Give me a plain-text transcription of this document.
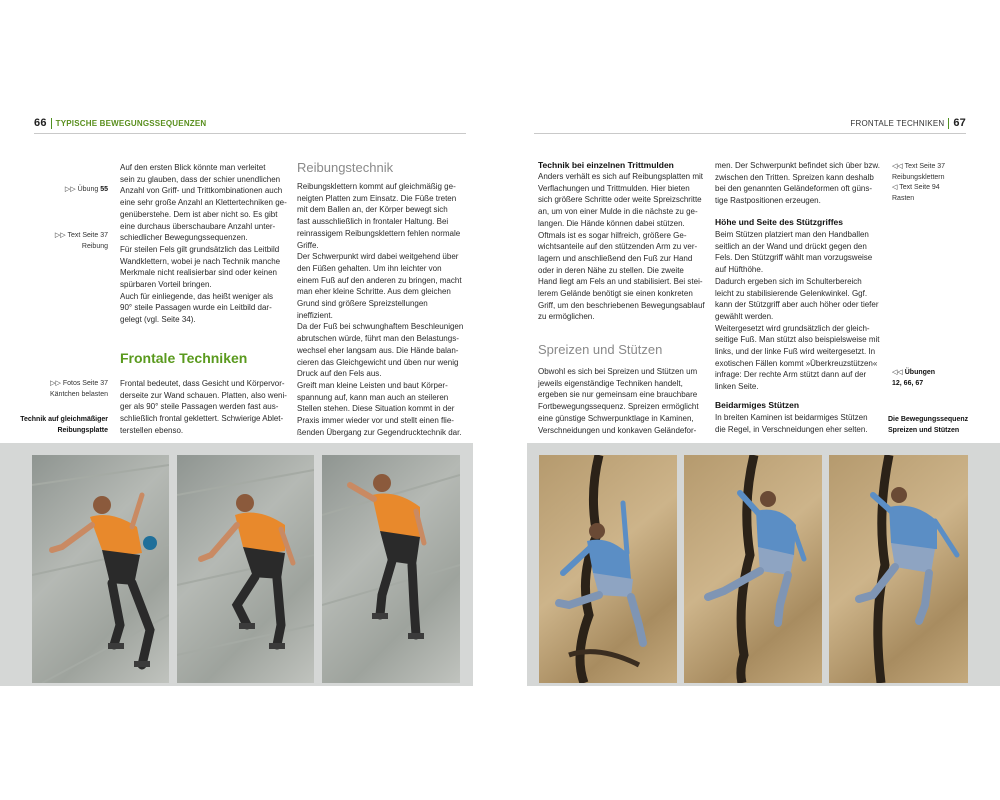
66 TYPISCHE BEWEGUNGSSEQUENZEN	FRONTALE TECHNIKEN 67
▷▷ Übung 55
▷▷ Text Seite 37
Reibung
▷▷ Fotos Seite 37
Käntchen belasten
Technik auf gleichmäßiger Reibungsplatte
Auf den ersten Blick könnte man verleitet
sein zu glauben, dass der schier unendlichen
Anzahl von Griff- und Trittkombinationen auch
eine sehr große Anzahl an Klettertechniken ge-
genüberstehe. Dem ist aber nicht so. Es gibt
eine durchaus überschaubare Anzahl unter-
schiedlicher Bewegungssequenzen.
Für steilen Fels gilt grundsätzlich das Leitbild
Wandklettern, wobei je nach Technik manche
Merkmale nicht realisierbar sind oder keinen
spürbaren Vorteil bringen.
Auch für einliegende, das heißt weniger als
90° steile Passagen wurde ein Leitbild dar-
gelegt (vgl. Seite 34).
Frontale Techniken
Frontal bedeutet, dass Gesicht und Körpervor-
derseite zur Wand schauen. Platten, also weni-
ger als 90° steile Passagen werden fast aus-
schließlich frontal geklettert. Schwierige Ablet-
terstellen ebenso.
Reibungstechnik
Reibungsklettern kommt auf gleichmäßig ge-
neigten Platten zum Einsatz. Die Füße treten
mit dem Ballen an, der Körper bewegt sich
fast ausschließlich in frontaler Haltung. Bei
reinrassigem Reibungsklettern fehlen normale
Griffe.
Der Schwerpunkt wird dabei weitgehend über
den Füßen gehalten. Um ihn leichter von
einem Fuß auf den anderen zu bringen, macht
man eher kleine Schritte. Aus dem gleichen
Grund sind größere Spreizstellungen
ineffizient.
Da der Fuß bei schwunghaftem Beschleunigen
abrutschen würde, führt man den Belastungs-
wechsel eher langsam aus. Die Hände balan-
cieren das Gleichgewicht und üben nur wenig
Druck auf den Fels aus.
Greift man kleine Leisten und baut Körper-
spannung auf, kann man auch an steileren
Stellen stehen. Diese Situation kommt in der
Praxis immer wieder vor und stellt einen flie-
ßenden Übergang zur Gegendrucktechnik dar.
Technik bei einzelnen Trittmulden
Anders verhält es sich auf Reibungsplatten mit
Verflachungen und Trittmulden. Hier bieten
sich größere Schritte oder weite Spreizschritte
an, um von einer Mulde in die nächste zu ge-
langen. Die Hände können dabei stützen.
Oftmals ist es sogar hilfreich, größere Ge-
wichtsanteile auf den stützenden Arm zu ver-
lagern und anschließend den Fuß zur Hand
oder in deren Nähe zu stellen. Die zweite
Hand liegt am Fels an und stabilisiert. Bei stei-
lerem Gelände benötigt sie einen konkreten
Griff, um den beschriebenen Bewegungsablauf
zu ermöglichen.
Spreizen und Stützen
Obwohl es sich bei Spreizen und Stützen um
jeweils eigenständige Techniken handelt,
ergeben sie nur gemeinsam eine brauchbare
Fortbewegungssequenz. Spreizen ermöglicht
eine günstige Schwerpunktlage in Kaminen,
Verschneidungen und konkaven Geländefor-
men. Der Schwerpunkt befindet sich über bzw.
zwischen den Tritten. Spreizen kann deshalb
bei den genannten Geländeformen oft güns-
tige Rastpositionen erzeugen.
Höhe und Seite des Stützgriffes
Beim Stützen platziert man den Handballen
seitlich an der Wand und drückt gegen den
Fels. Den Stützgriff wählt man vorzugsweise
auf Hüfthöhe.
Dadurch ergeben sich im Schulterbereich
leicht zu stabilisierende Gelenkwinkel. Ggf.
kann der Stützgriff aber auch höher oder tiefer
gewählt werden.
Weitergesetzt wird grundsätzlich der gleich-
seitige Fuß. Man stützt also beispielsweise mit
links, und der linke Fuß wird weitergesetzt. In
exotischen Fällen kommt »Überkreuzstützen«
infrage: Der rechte Arm stützt dann auf der
linken Seite.
Beidarmiges Stützen
In breiten Kaminen ist beidarmiges Stützen
die Regel, in Verschneidungen eher selten.
◁◁ Text Seite 37
Reibungsklettern
◁ Text Seite 94
Rasten
◁◁ Übungen
12, 66, 67
Die Bewegungssequenz Spreizen und Stützen
